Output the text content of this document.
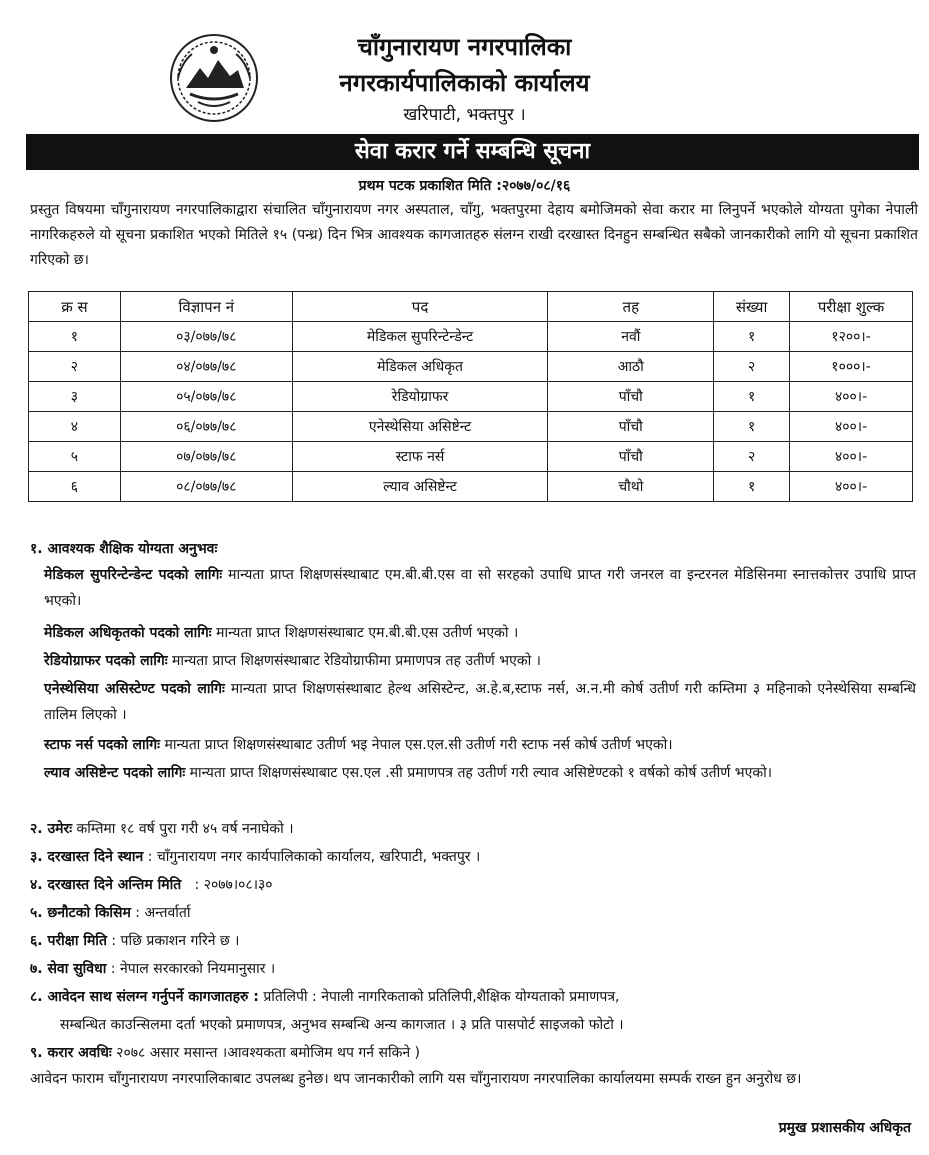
चाँगुनारायण नगरपालिका

नगरकार्यपालिकाको कार्यालय

खरिपाटी, भक्तपुर ।

सेवा करार गर्ने सम्बन्धि सूचना
प्रथम पटक प्रकाशित मिति :२०७७/०८/१६

प्रस्तुत विषयमा चाँगुनारायण नगरपालिकाद्वारा संचालित चाँगुनारायण नगर अस्पताल, चाँगु, भक्तपुरमा देहाय बमोजिमको सेवा करार मा लिनुपर्ने भएकोले योग्यता पुगेका नेपाली नागरिकहरुले यो सूचना प्रकाशित भएको मितिले १५ (पन्ध्र) दिन भित्र आवश्यक कागजातहरु संलग्न राखी दरखास्त दिनहुन सम्बन्धित सबैको जानकारीको लागि यो सूचना प्रकाशित गरिएको छ।

क्र स	विज्ञापन नं	पद	तह	संख्या	परीक्षा शुल्क
१	०३/०७७/७८	मेडिकल सुपरिन्टेन्डेन्ट	नवौं	१	१२००।-
२	०४/०७७/७८	मेडिकल अधिकृत	आठौ	२	१०००।-
३	०५/०७७/७८	रेडियोग्राफर	पाँचौ	१	४००।-
४	०६/०७७/७८	एनेस्थेसिया असिष्टेन्ट	पाँचौ	१	४००।-
५	०७/०७७/७८	स्टाफ नर्स	पाँचौ	२	४००।-
६	०८/०७७/७८	ल्याव असिष्टेन्ट	चौथो	१	४००।-

१. आवश्यक शैक्षिक योग्यता अनुभवः

मेडिकल सुपरिन्टेन्डेन्ट पदको लागिः मान्यता प्राप्त शिक्षणसंस्थाबाट एम.बी.बी.एस वा सो सरहको उपाधि प्राप्त गरी जनरल वा इन्टरनल मेडिसिनमा स्नात्तकोत्तर उपाधि प्राप्त भएको।

मेडिकल अधिकृतको पदको लागिः मान्यता प्राप्त शिक्षणसंस्थाबाट एम.बी.बी.एस उतीर्ण भएको ।

रेडियोग्राफर पदको लागिः मान्यता प्राप्त शिक्षणसंस्थाबाट रेडियोग्राफीमा प्रमाणपत्र तह उतीर्ण भएको ।

एनेस्थेसिया असिस्टेण्ट पदको लागिः मान्यता प्राप्त शिक्षणसंस्थाबाट हेल्थ असिस्टेन्ट, अ.हे.ब,स्टाफ नर्स, अ.न.मी कोर्ष उतीर्ण गरी कम्तिमा ३ महिनाको एनेस्थेसिया सम्बन्धि तालिम लिएको ।

स्टाफ नर्स पदको लागिः मान्यता प्राप्त शिक्षणसंस्थाबाट उतीर्ण भइ नेपाल एस.एल.सी उतीर्ण गरी स्टाफ नर्स कोर्ष उतीर्ण भएको।

ल्याव असिष्टेन्ट पदको लागिः मान्यता प्राप्त शिक्षणसंस्थाबाट एस.एल .सी प्रमाणपत्र तह उतीर्ण गरी ल्याव असिष्टेण्टको १ वर्षको कोर्ष उतीर्ण भएको।

२. उमेरः कम्तिमा १८ वर्ष पुरा गरी ४५ वर्ष ननाघेको ।

३. दरखास्त दिने स्थान : चाँगुनारायण नगर कार्यपालिकाको कार्यालय, खरिपाटी, भक्तपुर ।

४. दरखास्त दिने अन्तिम मिति   : २०७७।०८।३०

५. छनौटको किसिम : अन्तर्वार्ता

६. परीक्षा मिति : पछि प्रकाशन गरिने छ ।

७. सेवा सुविधा : नेपाल सरकारको नियमानुसार ।

८. आवेदन साथ संलग्न गर्नुपर्ने कागजातहरु : प्रतिलिपी : नेपाली नागरिकताको प्रतिलिपी,शैक्षिक योग्यताको प्रमाणपत्र,

सम्बन्धित काउन्सिलमा दर्ता भएको प्रमाणपत्र, अनुभव सम्बन्धि अन्य कागजात । ३ प्रति पासपोर्ट साइजको फोटो ।

९. करार अवधिः २०७८ असार मसान्त ।आवश्यकता बमोजिम थप गर्न सकिने )

आवेदन फाराम चाँगुनारायण नगरपालिकाबाट उपलब्ध हुनेछ। थप जानकारीको लागि यस चाँगुनारायण नगरपालिका कार्यालयमा सम्पर्क राख्न हुन अनुरोध छ।

प्रमुख प्रशासकीय अधिकृत
